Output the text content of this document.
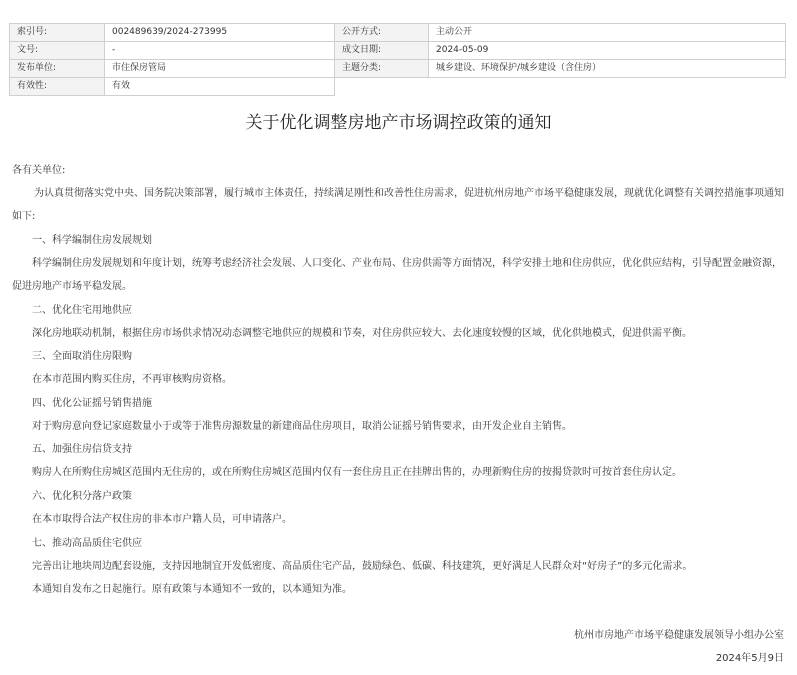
索引号:	002489639/2024-273995	公开方式:	主动公开
文号:	-	成文日期:	2024-05-09
发布单位:	市住保房管局	主题分类:	城乡建设、环境保护/城乡建设（含住房）
有效性:	有效		
关于优化调整房地产市场调控政策的通知
各有关单位:
为认真贯彻落实党中央、国务院决策部署，履行城市主体责任，持续满足刚性和改善性住房需求，促进杭州房地产市场平稳健康发展，现就优化调整有关调控措施事项通知如下:
一、科学编制住房发展规划
科学编制住房发展规划和年度计划，统筹考虑经济社会发展、人口变化、产业布局、住房供需等方面情况，科学安排土地和住房供应，优化供应结构，引导配置金融资源，促进房地产市场平稳发展。
二、优化住宅用地供应
深化房地联动机制，根据住房市场供求情况动态调整宅地供应的规模和节奏，对住房供应较大、去化速度较慢的区域，优化供地模式，促进供需平衡。
三、全面取消住房限购
在本市范围内购买住房，不再审核购房资格。
四、优化公证摇号销售措施
对于购房意向登记家庭数量小于或等于准售房源数量的新建商品住房项目，取消公证摇号销售要求，由开发企业自主销售。
五、加强住房信贷支持
购房人在所购住房城区范围内无住房的，或在所购住房城区范围内仅有一套住房且正在挂牌出售的，办理新购住房的按揭贷款时可按首套住房认定。
六、优化积分落户政策
在本市取得合法产权住房的非本市户籍人员，可申请落户。
七、推动高品质住宅供应
完善出让地块周边配套设施，支持因地制宜开发低密度、高品质住宅产品，鼓励绿色、低碳、科技建筑，更好满足人民群众对“好房子”的多元化需求。
本通知自发布之日起施行。原有政策与本通知不一致的，以本通知为准。
杭州市房地产市场平稳健康发展领导小组办公室
2024年5月9日
